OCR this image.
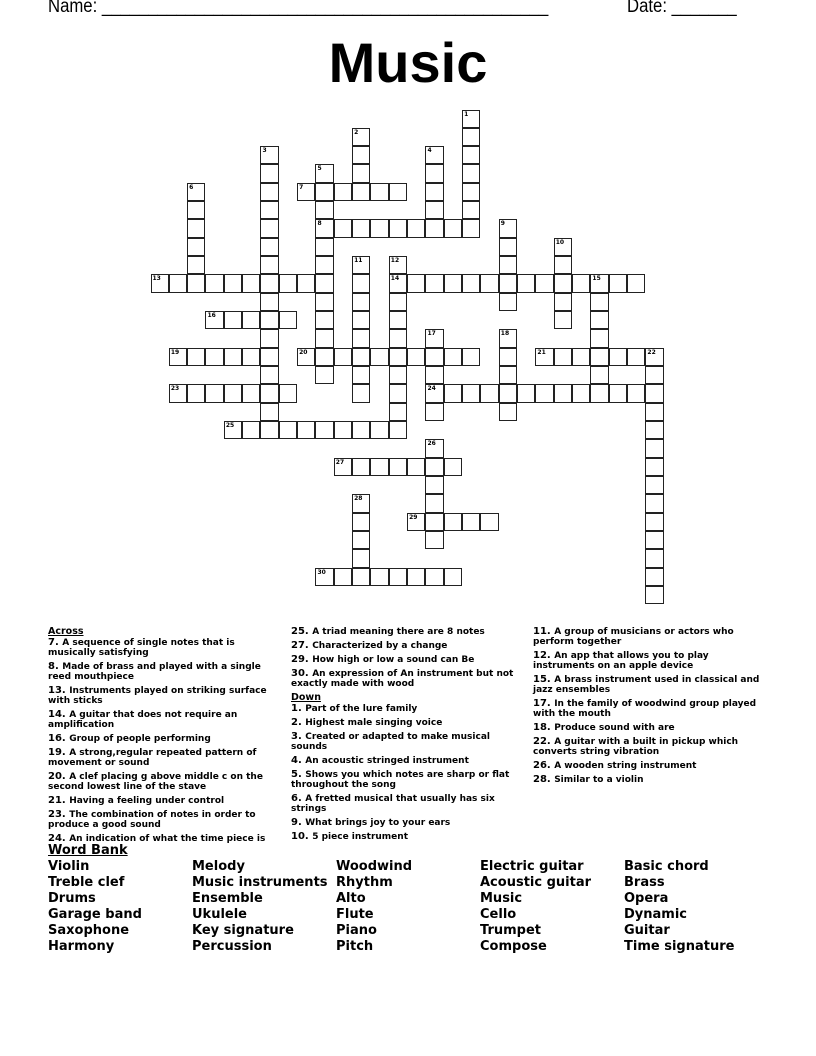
Name: ________________________________________________	Date: _______
Music
1
2
3	4
5
8
6	7
9
10
11	12
14
13	15
16
17
24
18
19	20	21	22
23
25
26
27
28
29
30
Across
7. A sequence of single notes that is musically satisfying
8. Made of brass and played with a single reed mouthpiece
13. Instruments played on striking surface with sticks
14. A guitar that does not require an amplification
16. Group of people performing
19. A strong,regular repeated pattern of movement or sound
20. A clef placing g above middle c on the second lowest line of the stave
21. Having a feeling under control
23. The combination of notes in order to produce a good sound
24. An indication of what the time piece is
25. A triad meaning there are 8 notes
27. Characterized by a change
29. How high or low a sound can Be
30. An expression of An instrument but not exactly made with wood
Down
1. Part of the lure family
2. Highest male singing voice
3. Created or adapted to make musical sounds
4. An acoustic stringed instrument
5. Shows you which notes are sharp or flat throughout the song
6. A fretted musical that usually has six strings
9. What brings joy to your ears
10. 5 piece instrument
11. A group of musicians or actors who perform together
12. An app that allows you to play instruments on an apple device
15. A brass instrument used in classical and jazz ensembles
17. In the family of woodwind group played with the mouth
18. Produce sound with are
22. A guitar with a built in pickup which converts string vibration
26. A wooden string instrument
28. Similar to a violin
Word Bank
Violin
Treble clef
Drums
Garage band
Saxophone
Harmony
Melody
Music instruments
Ensemble
Ukulele
Key signature
Percussion
Woodwind
Rhythm
Alto
Flute
Piano
Pitch
Electric guitar
Acoustic guitar
Music
Cello
Trumpet
Compose
Basic chord
Brass
Opera
Dynamic
Guitar
Time signature
